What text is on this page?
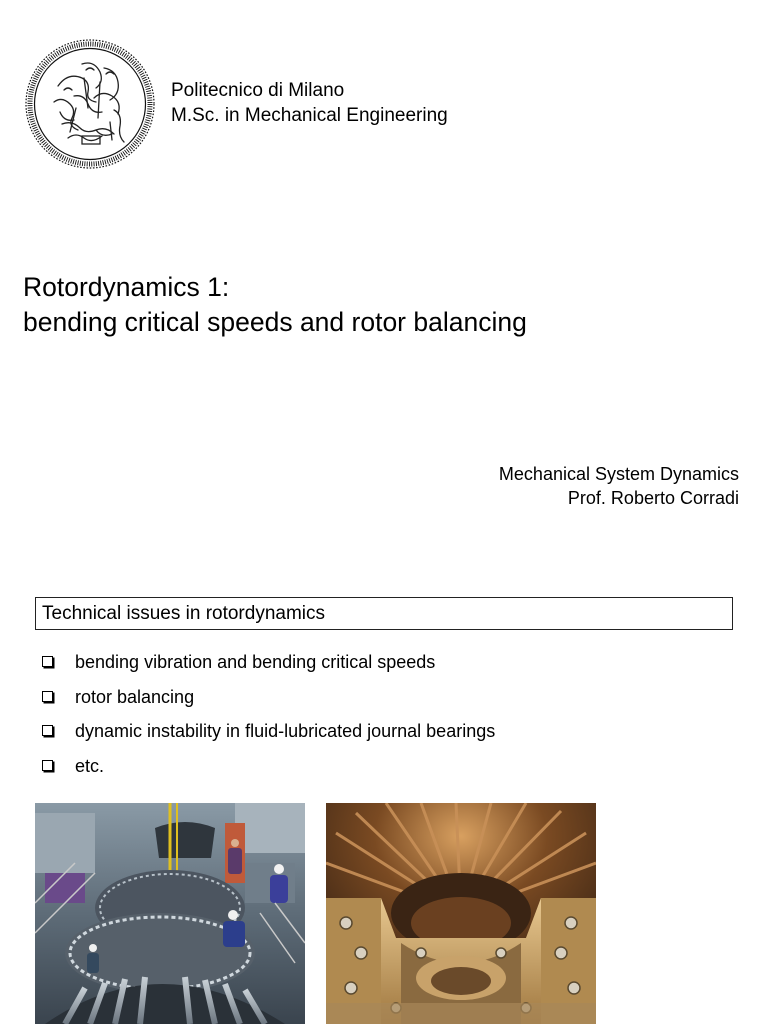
Politecnico di Milano
M.Sc. in Mechanical Engineering
Rotordynamics 1:
bending critical speeds and rotor balancing
Mechanical System Dynamics
Prof. Roberto Corradi
Technical issues in rotordynamics
bending vibration and bending critical speeds
rotor balancing
dynamic instability in fluid-lubricated journal bearings
etc.
